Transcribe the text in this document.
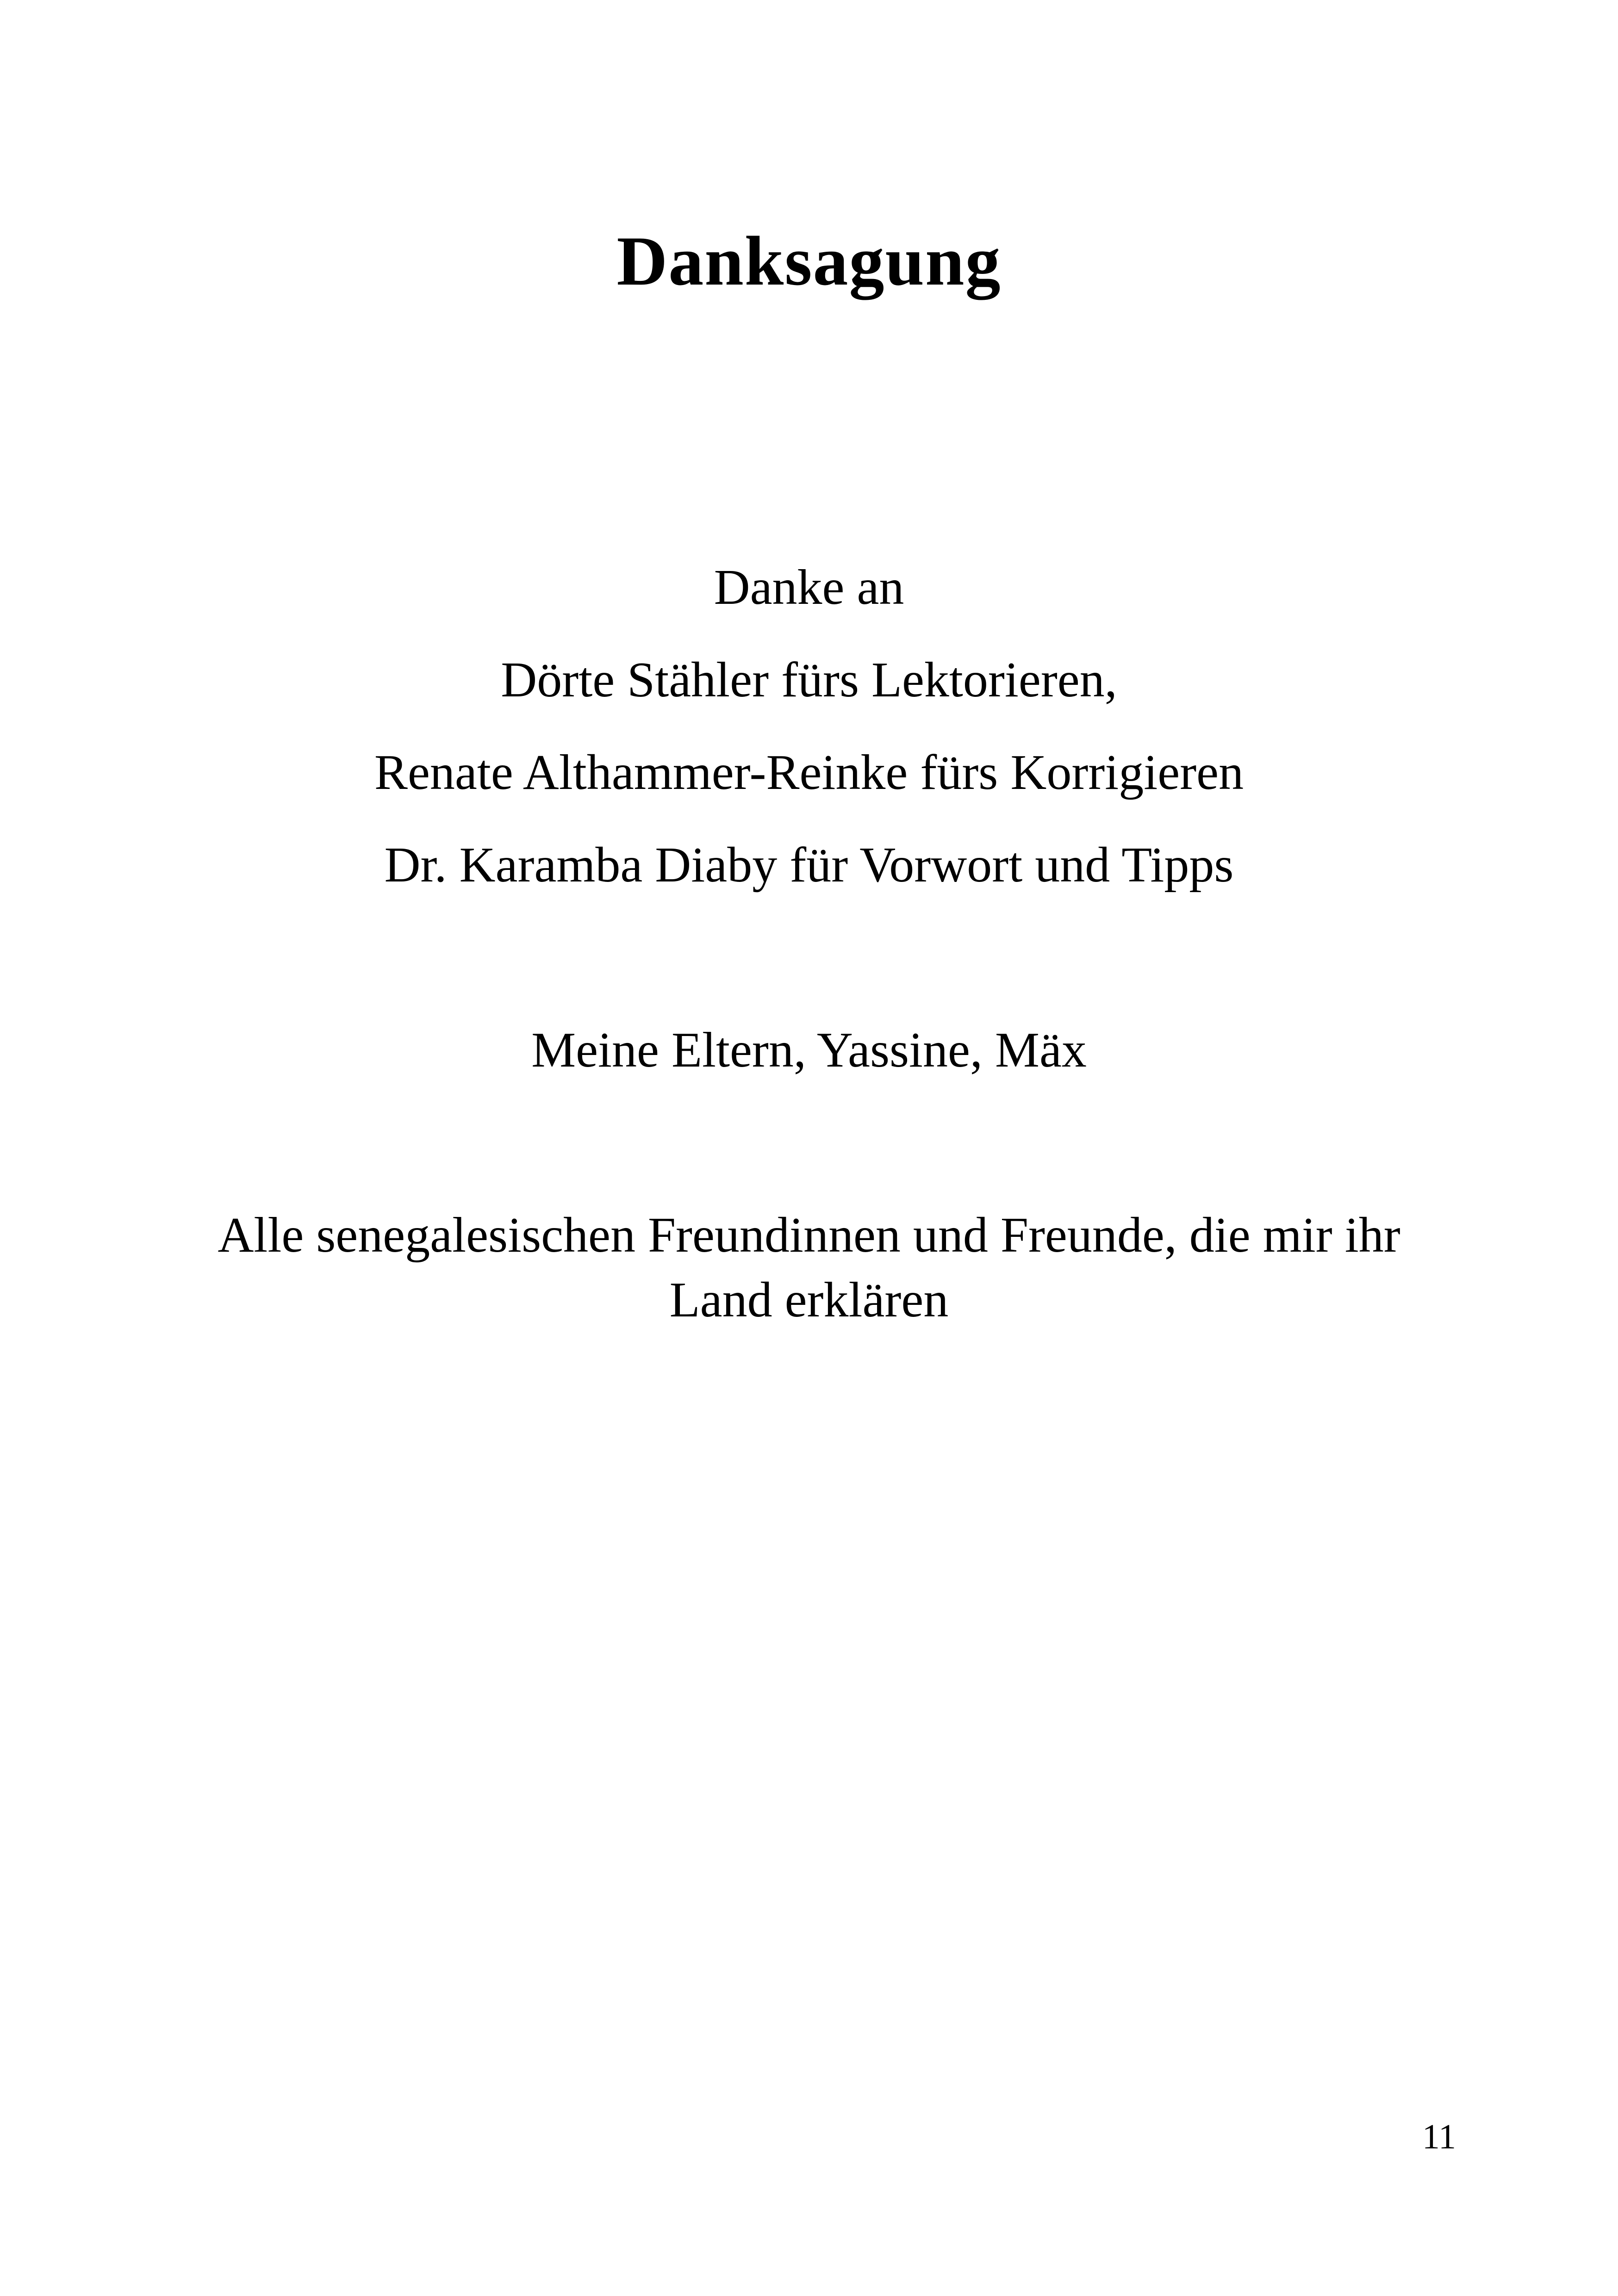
Danksagung

Danke an

Dörte Stähler fürs Lektorieren,

Renate Althammer-Reinke fürs Korrigieren

Dr. Karamba Diaby für Vorwort und Tipps

Meine Eltern, Yassine, Mäx

Alle senegalesischen Freundinnen und Freunde, die mir ihr Land erklären

11
